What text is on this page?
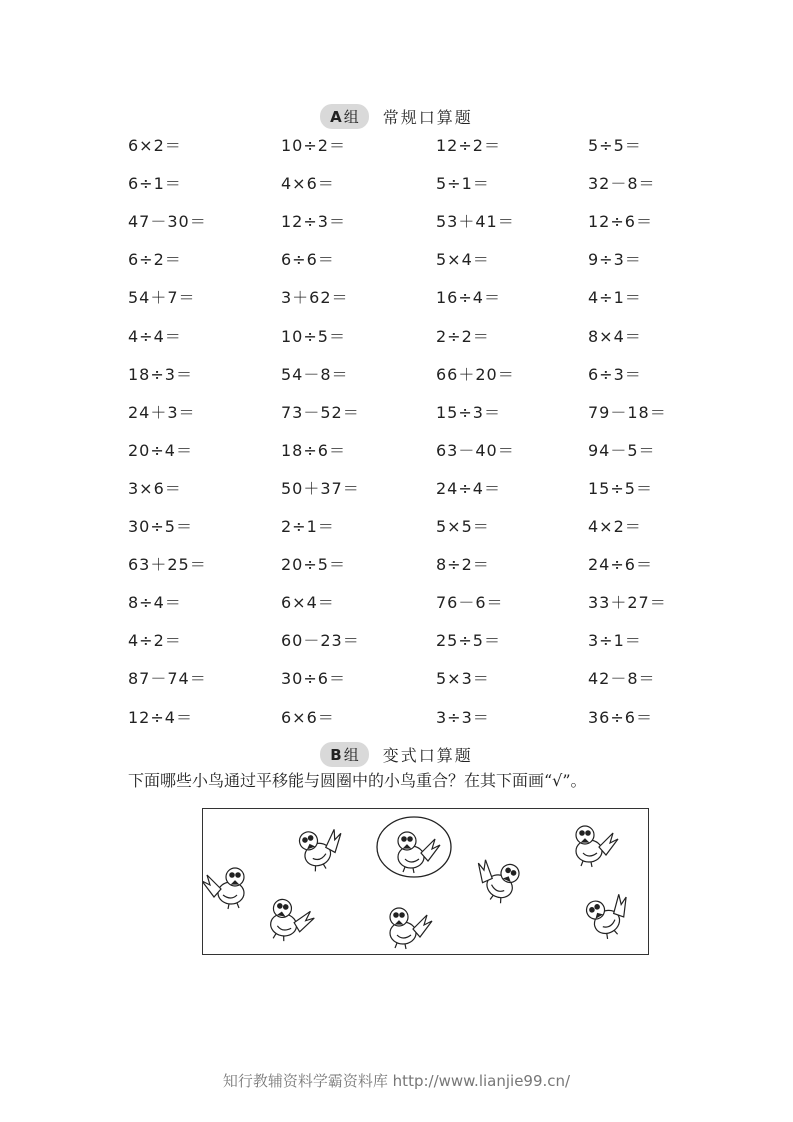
A 组 常规口算题
6×2＝	10÷2＝	12÷2＝	5÷5＝
6÷1＝	4×6＝	5÷1＝	32－8＝
47－30＝	12÷3＝	53＋41＝	12÷6＝
6÷2＝	6÷6＝	5×4＝	9÷3＝
54＋7＝	3＋62＝	16÷4＝	4÷1＝
4÷4＝	10÷5＝	2÷2＝	8×4＝
18÷3＝	54－8＝	66＋20＝	6÷3＝
24＋3＝	73－52＝	15÷3＝	79－18＝
20÷4＝	18÷6＝	63－40＝	94－5＝
3×6＝	50＋37＝	24÷4＝	15÷5＝
30÷5＝	2÷1＝	5×5＝	4×2＝
63＋25＝	20÷5＝	8÷2＝	24÷6＝
8÷4＝	6×4＝	76－6＝	33＋27＝
4÷2＝	60－23＝	25÷5＝	3÷1＝
87－74＝	30÷6＝	5×3＝	42－8＝
12÷4＝	6×6＝	3÷3＝	36÷6＝
B 组 变式口算题
下面哪些小鸟通过平移能与圆圈中的小鸟重合？在其下面画“√”。
知行教辅资料学霸资料库 http://www.lianjie99.cn/
